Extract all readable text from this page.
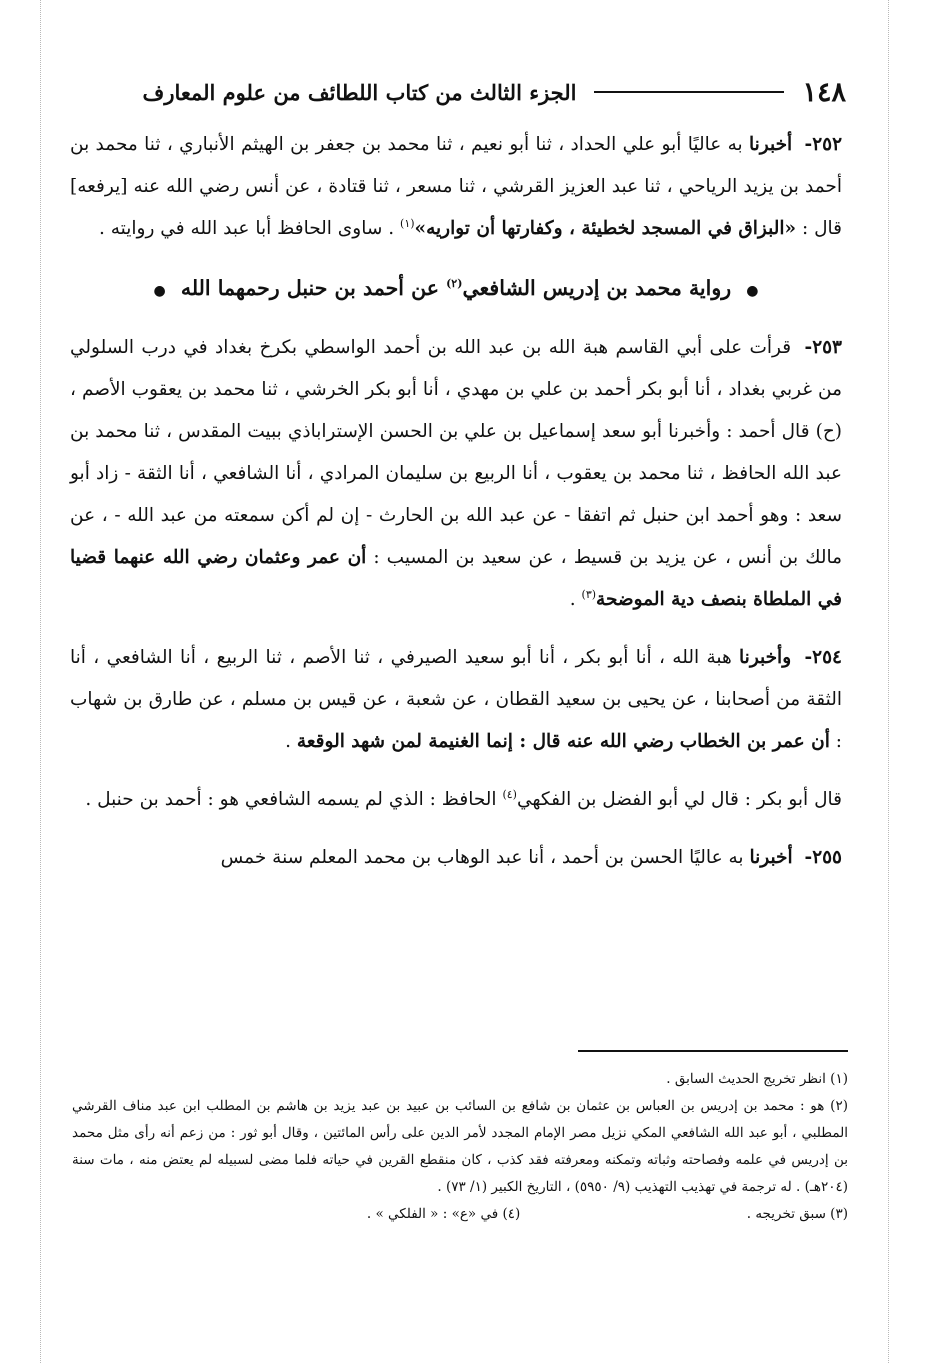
١٤٨
الجزء الثالث من كتاب اللطائف من علوم المعارف

٢٥٢- أخبرنا به عاليًا أبو علي الحداد ، ثنا أبو نعيم ، ثنا محمد بن جعفر بن الهيثم الأنباري ، ثنا محمد بن أحمد بن يزيد الرياحي ، ثنا عبد العزيز القرشي ، ثنا مسعر ، ثنا قتادة ، عن أنس رضي الله عنه [يرفعه] قال : «البزاق في المسجد لخطيئة ، وكفارتها أن تواريه»$^{(١)}$ . ساوى الحافظ أبا عبد الله في روايته .

● رواية محمد بن إدريس الشافعي$^{(٢)}$ عن أحمد بن حنبل رحمهما الله ●

٢٥٣- قرأت على أبي القاسم هبة الله بن عبد الله بن أحمد الواسطي بكرخ بغداد في درب السلولي من غربي بغداد ، أنا أبو بكر أحمد بن علي بن مهدي ، أنا أبو بكر الخرشي ، ثنا محمد بن يعقوب الأصم ، (ح) قال أحمد : وأخبرنا أبو سعد إسماعيل بن علي بن الحسن الإستراباذي ببيت المقدس ، ثنا محمد بن عبد الله الحافظ ، ثنا محمد بن يعقوب ، أنا الربيع بن سليمان المرادي ، أنا الشافعي ، أنا الثقة - زاد أبو سعد : وهو أحمد ابن حنبل ثم اتفقا - عن عبد الله بن الحارث - إن لم أكن سمعته من عبد الله - ، عن مالك بن أنس ، عن يزيد بن قسيط ، عن سعيد بن المسيب : أن عمر وعثمان رضي الله عنهما قضيا في الملطاة بنصف دية الموضحة$^{(٣)}$ .

٢٥٤- وأخبرنا هبة الله ، أنا أبو بكر ، أنا أبو سعيد الصيرفي ، ثنا الأصم ، ثنا الربيع ، أنا الشافعي ، أنا الثقة من أصحابنا ، عن يحيى بن سعيد القطان ، عن شعبة ، عن قيس بن مسلم ، عن طارق بن شهاب : أن عمر بن الخطاب رضي الله عنه قال : إنما الغنيمة لمن شهد الوقعة .

قال أبو بكر : قال لي أبو الفضل بن الفكهي$^{(٤)}$ الحافظ : الذي لم يسمه الشافعي هو : أحمد بن حنبل .

٢٥٥- أخبرنا به عاليًا الحسن بن أحمد ، أنا عبد الوهاب بن محمد المعلم سنة خمس

(١) انظر تخريج الحديث السابق .

(٢) هو : محمد بن إدريس بن العباس بن عثمان بن شافع بن السائب بن عبيد بن عبد يزيد بن هاشم بن المطلب ابن عبد مناف القرشي المطلبي ، أبو عبد الله الشافعي المكي نزيل مصر الإمام المجدد لأمر الدين على رأس المائتين ، وقال أبو ثور : من زعم أنه رأى مثل محمد بن إدريس في علمه وفصاحته وثباته وتمكنه ومعرفته فقد كذب ، كان منقطع القرين في حياته فلما مضى لسبيله لم يعتض منه ، مات سنة (٢٠٤هـ) . له ترجمة في تهذيب التهذيب (٩/ ٥٩٥٠) ، التاريخ الكبير (١/ ٧٣) .

(٣) سبق تخريجه .
(٤) في «ع» : « الفلكي » .
